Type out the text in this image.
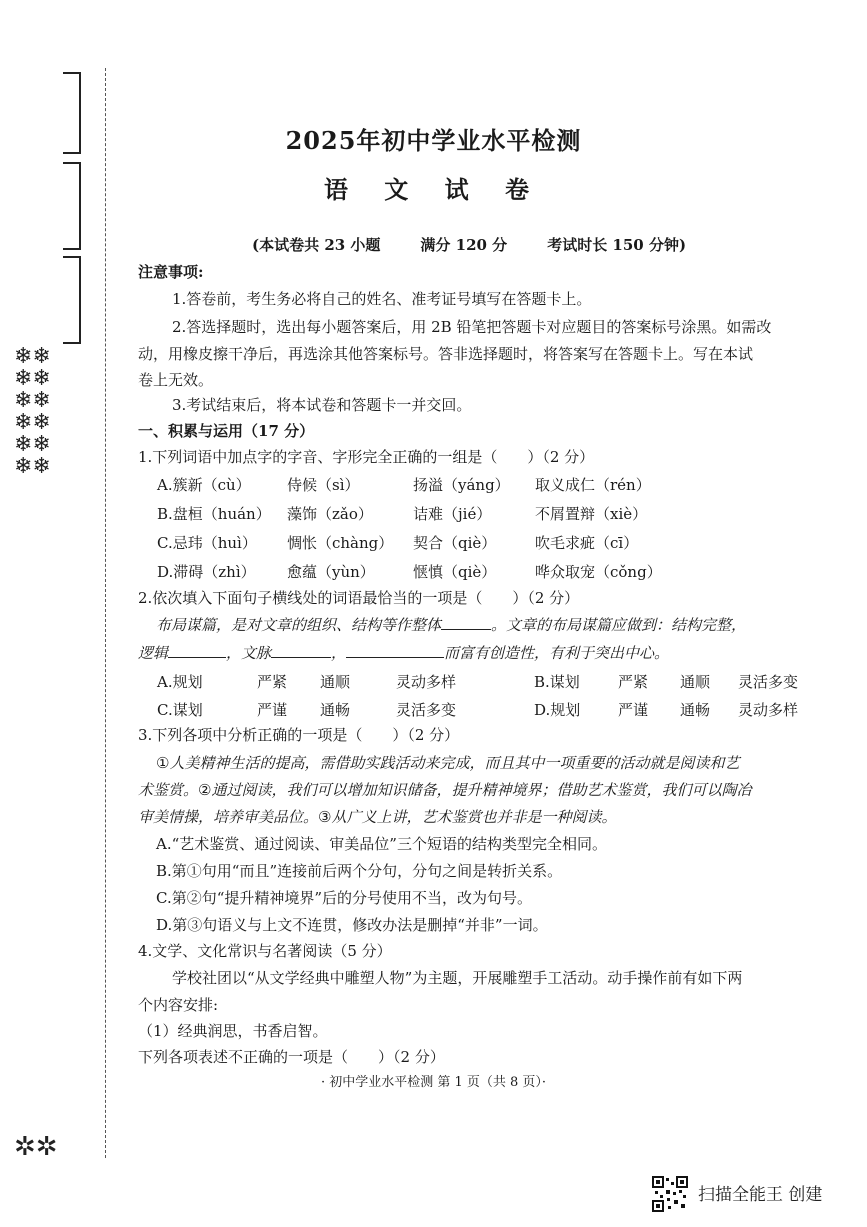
❄❄
❄❄
❄❄
❄❄
❄❄
❄❄
✲✲
2025年初中学业水平检测
语 文 试 卷
(本试卷共 23 小题	满分 120 分	考试时长 150 分钟)
注意事项:
1.答卷前，考生务必将自己的姓名、准考证号填写在答题卡上。
2.答选择题时，选出每小题答案后，用 2B 铅笔把答题卡对应题目的答案标号涂黑。如需改
动，用橡皮擦干净后，再选涂其他答案标号。答非选择题时，将答案写在答题卡上。写在本试
卷上无效。
3.考试结束后，将本试卷和答题卡一并交回。
一、积累与运用（17 分）
1.下列词语中加点字的字音、字形完全正确的一组是（　　）（2 分）
A.簇新（cù） 侍候（sì）	扬溢（yáng） 取义成仁（rén）
B.盘桓（huán） 藻饰（zǎo）	诘难（jié）	不屑置辩（xiè）
C.忌玮（huì） 惆怅（chàng） 契合（qiè）	吹毛求疵（cī）
D.滞碍（zhì） 愈蕴（yùn）	惬慎（qiè）	哗众取宠（cǒng）
2.依次填入下面句子横线处的词语最恰当的一项是（　　）（2 分）
布局谋篇，是对文章的组织、结构等作整体	。文章的布局谋篇应做到：结构完整，
逻辑	，文脉	，	而富有创造性，有利于突出中心。
A.规划	严紧 通顺	灵动多样	B.谋划	严紧 通顺 灵活多变
C.谋划	严谨 通畅	灵活多变	D.规划	严谨 通畅 灵动多样
3.下列各项中分析正确的一项是（　　）（2 分）
①人美精神生活的提高，需借助实践活动来完成，而且其中一项重要的活动就是阅读和艺
术鉴赏。②通过阅读，我们可以增加知识储备，提升精神境界；借助艺术鉴赏，我们可以陶冶
审美情操，培养审美品位。③从广义上讲，艺术鉴赏也并非是一种阅读。
A.“艺术鉴赏、通过阅读、审美品位”三个短语的结构类型完全相同。
B.第①句用“而且”连接前后两个分句，分句之间是转折关系。
C.第②句“提升精神境界”后的分号使用不当，改为句号。
D.第③句语义与上文不连贯，修改办法是删掉“并非”一词。
4.文学、文化常识与名著阅读（5 分）
学校社团以“从文学经典中雕塑人物”为主题，开展雕塑手工活动。动手操作前有如下两
个内容安排:
（1）经典润思，书香启智。
下列各项表述不正确的一项是（　　）（2 分）
· 初中学业水平检测 第 1 页（共 8 页）·
扫描全能王 创建
